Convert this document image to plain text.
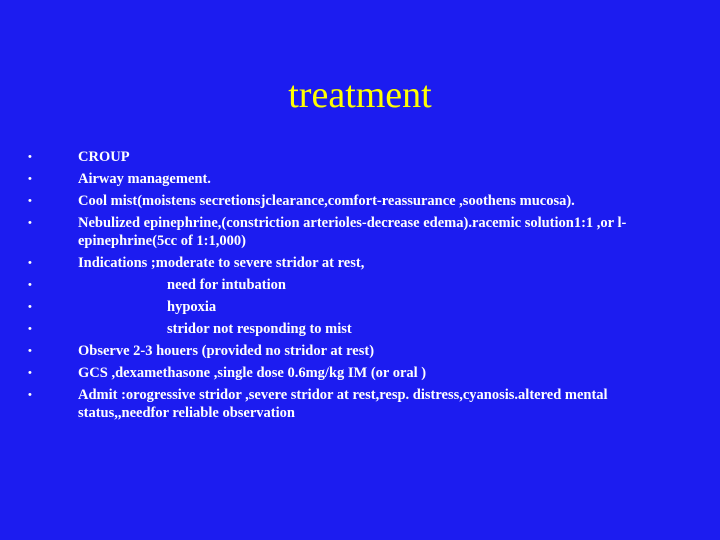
treatment
•	CROUP
•	Airway management.
•	Cool mist(moistens secretionsjclearance,comfort-reassurance ,soothens mucosa).
•	Nebulized epinephrine,(constriction arterioles-decrease edema).racemic solution1:1 ,or l-epinephrine(5cc of 1:1,000)
•	Indications ;moderate to severe stridor at rest,
•	need for intubation
•	hypoxia
•	stridor not responding to mist
•	Observe 2-3 houers (provided no stridor at rest)
•	GCS ,dexamethasone ,single dose 0.6mg/kg IM (or oral )
•	Admit :orogressive stridor ,severe stridor at rest,resp. distress,cyanosis.altered mental status,,needfor reliable observation
